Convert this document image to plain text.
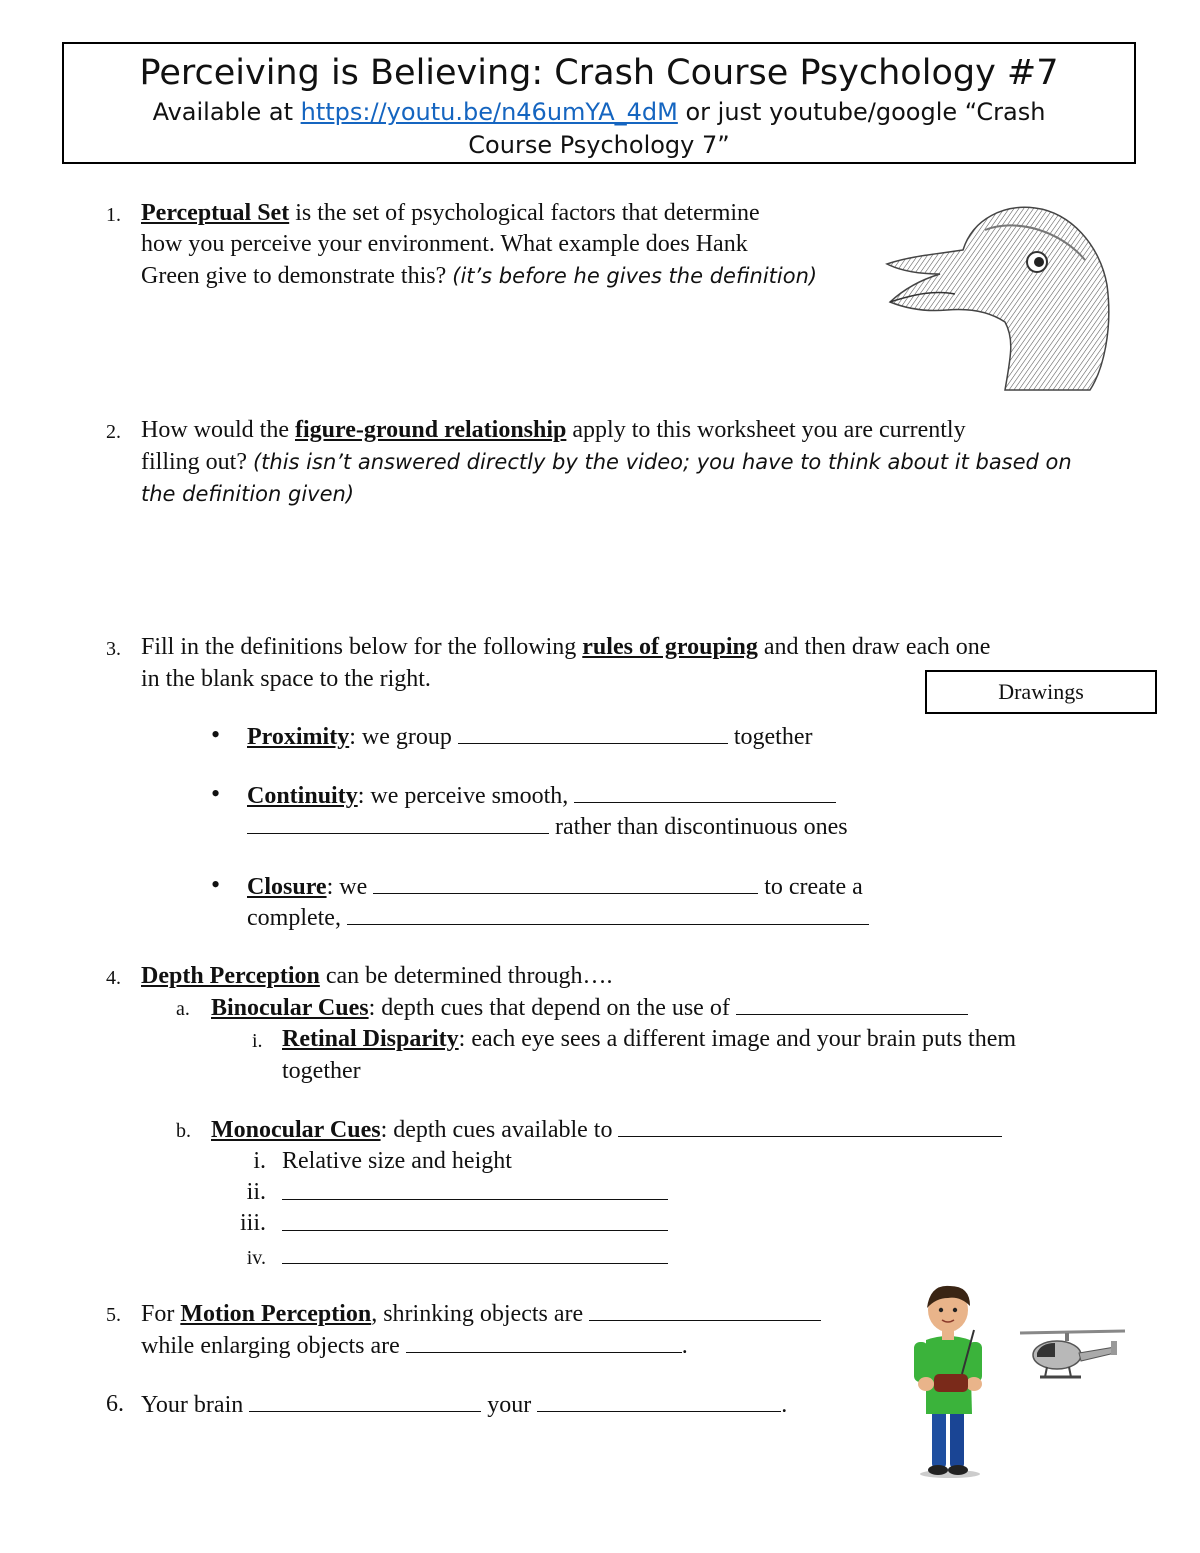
Perceiving is Believing: Crash Course Psychology #7
Available at https://youtu.be/n46umYA_4dM or just youtube/google “Crash
Course Psychology 7”
1. Perceptual Set is the set of psychological factors that determine
how you perceive your environment. What example does Hank
Green give to demonstrate this? (it’s before he gives the definition)
2. How would the figure-ground relationship apply to this worksheet you are currently
filling out? (this isn’t answered directly by the video; you have to think about it based on
the definition given)
3. Fill in the definitions below for the following rules of grouping and then draw each one
in the blank space to the right.	Drawings
• Proximity: we group	together
• Continuity: we perceive smooth,
rather than discontinuous ones
• Closure: we	to create a
complete,
4. Depth Perception can be determined through….
a. Binocular Cues: depth cues that depend on the use of
i. Retinal Disparity: each eye sees a different image and your brain puts them
together
b. Monocular Cues: depth cues available to
i. Relative size and height
ii.
iii.
iv.
5. For Motion Perception, shrinking objects are
while enlarging objects are	.
6. Your brain	your	.
